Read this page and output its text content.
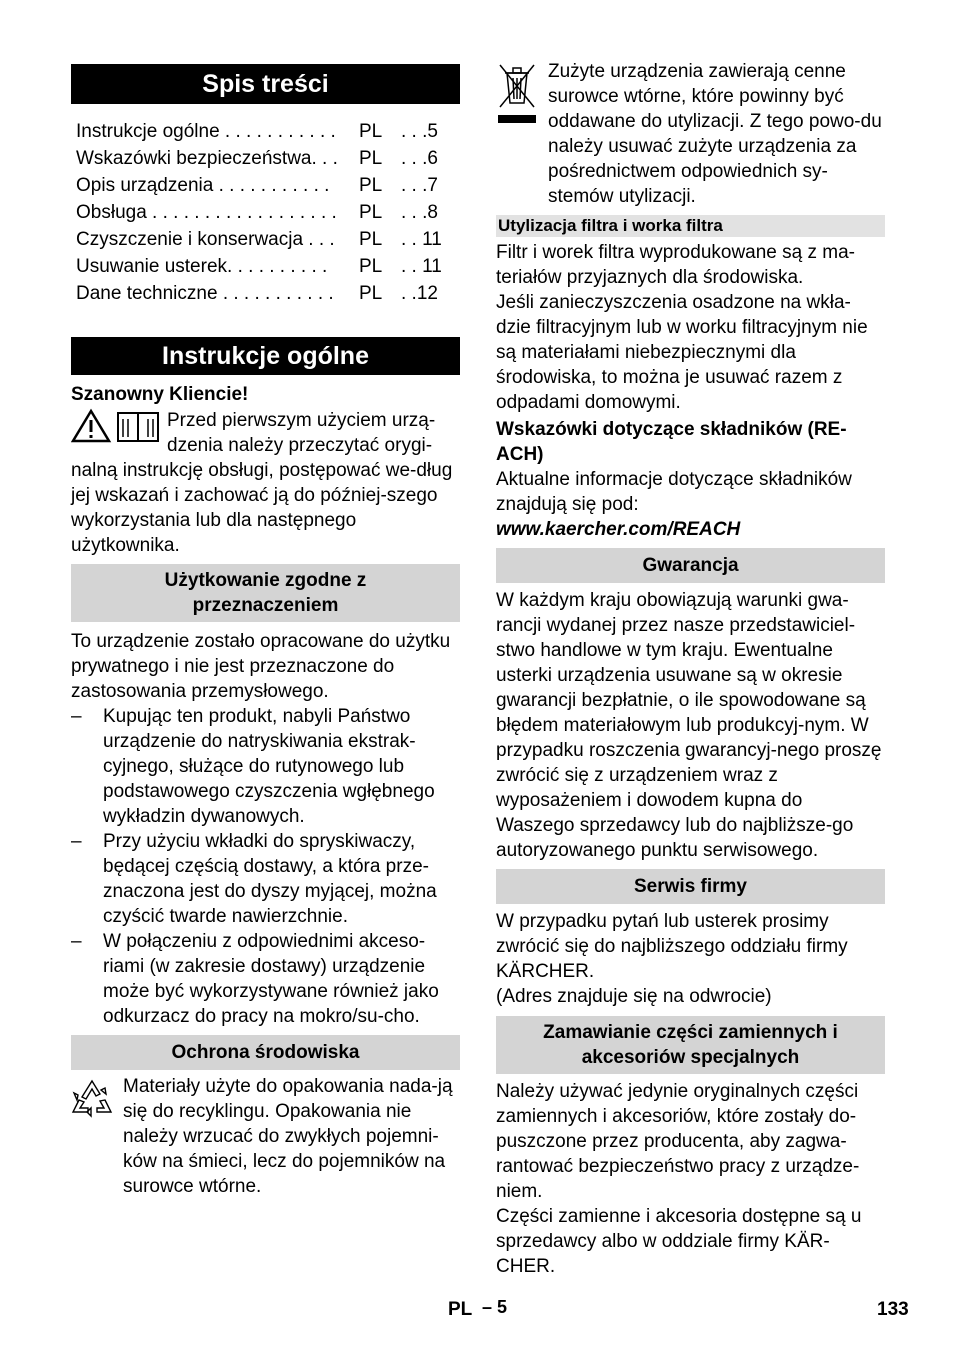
Spis treści
Instrukcje ogólne . . . . . . . . . . .	PL . . .5
Wskazówki bezpieczeństwa. . .	PL . . .6
Opis urządzenia . . . . . . . . . . .	PL . . .7
Obsługa . . . . . . . . . . . . . . . . . .	PL . . .8
Czyszczenie i konserwacja . . .	PL . . 11
Usuwanie usterek. . . . . . . . . .	PL . . 11
Dane techniczne . . . . . . . . . . .	PL . .12
Instrukcje ogólne

Szanowny Kliencie!

Przed pierwszym użyciem urzą-dzenia należy przeczytać orygi-

nalną instrukcję obsługi, postępować we-dług jej wskazań i zachować ją do później-szego wykorzystania lub dla następnego użytkownika.

Użytkowanie zgodne z przeznaczeniem

To urządzenie zostało opracowane do użytku prywatnego i nie jest przeznaczone do zastosowania przemysłowego.

– Kupując ten produkt, nabyli Państwo urządzenie do natryskiwania ekstrak-cyjnego, służące do rutynowego lub podstawowego czyszczenia wgłębnego wykładzin dywanowych.
– Przy użyciu wkładki do spryskiwaczy, będącej częścią dostawy, a która prze-znaczona jest do dyszy myjącej, można czyścić twarde nawierzchnie.
– W połączeniu z odpowiednimi akceso-riami (w zakresie dostawy) urządzenie może być wykorzystywane również jako odkurzacz do pracy na mokro/su-cho.
Ochrona środowiska

Materiały użyte do opakowania nada-ją się do recyklingu. Opakowania nie należy wrzucać do zwykłych pojemni-ków na śmieci, lecz do pojemników na surowce wtórne.

Zużyte urządzenia zawierają cenne surowce wtórne, które powinny być oddawane do utylizacji. Z tego powo-du należy usuwać zużyte urządzenia za pośrednictwem odpowiednich sy-stemów utylizacji.

Utylizacja filtra i worka filtra

Filtr i worek filtra wyprodukowane są z ma-teriałów przyjaznych dla środowiska.

Jeśli zanieczyszczenia osadzone na wkła-dzie filtracyjnym lub w worku filtracyjnym nie są materiałami niebezpiecznymi dla środowiska, to można je usuwać razem z odpadami domowymi.

Wskazówki dotyczące składników (RE-ACH)

Aktualne informacje dotyczące składników znajdują się pod:

www.kaercher.com/REACH

Gwarancja

W każdym kraju obowiązują warunki gwa-rancji wydanej przez nasze przedstawiciel-stwo handlowe w tym kraju. Ewentualne usterki urządzenia usuwane są w okresie gwarancji bezpłatnie, o ile spowodowane są błędem materiałowym lub produkcyj-nym. W przypadku roszczenia gwarancyj-nego proszę zwrócić się z urządzeniem wraz z wyposażeniem i dowodem kupna do Waszego sprzedawcy lub do najbliższe-go autoryzowanego punktu serwisowego.

Serwis firmy

W przypadku pytań lub usterek prosimy zwrócić się do najbliższego oddziału firmy KÄRCHER.

(Adres znajduje się na odwrocie)

Zamawianie części zamiennych i akcesoriów specjalnych

Należy używać jedynie oryginalnych części zamiennych i akcesoriów, które zostały do-puszczone przez producenta, aby zagwa-rantować bezpieczeństwo pracy z urządze-niem.

Części zamienne i akcesoria dostępne są u sprzedawcy albo w oddziale firmy KÄR-CHER.

PL – 5	133
